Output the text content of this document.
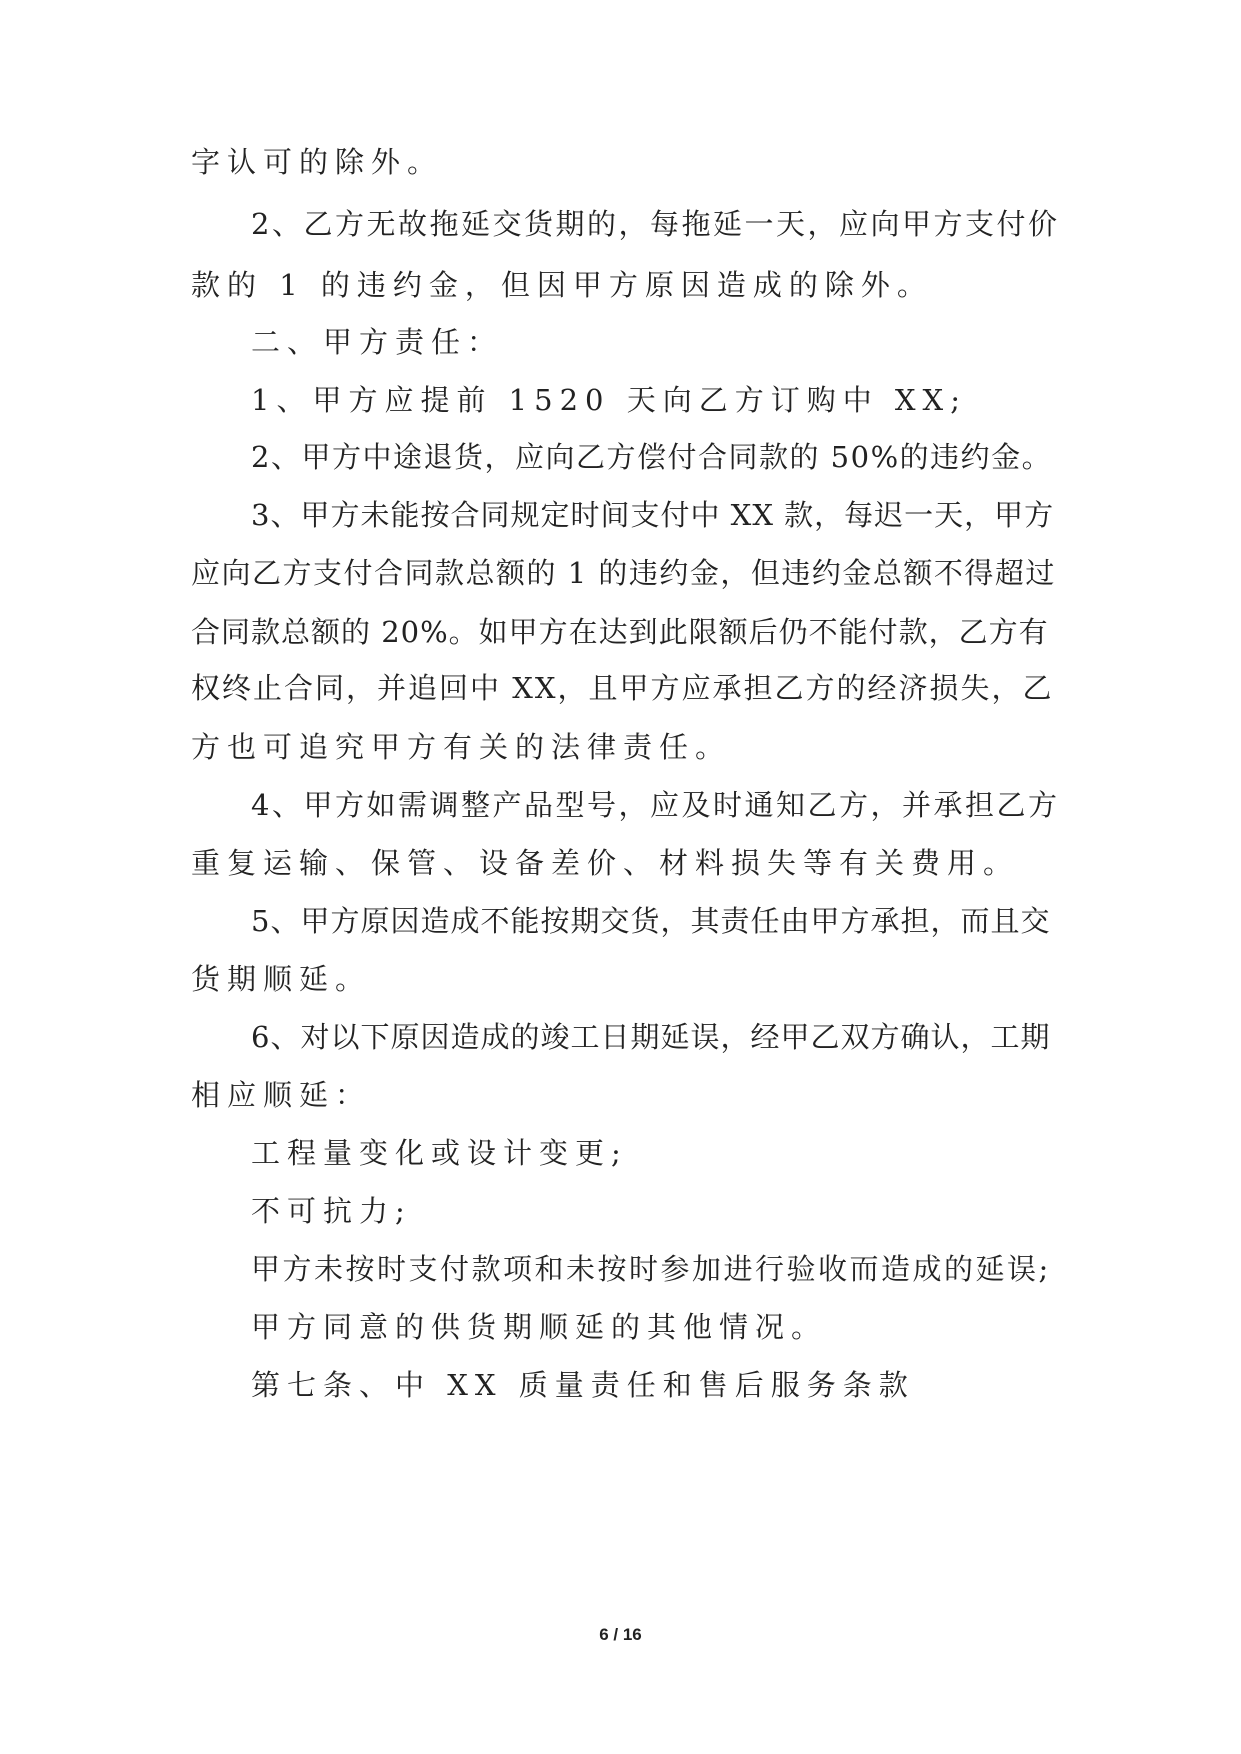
字认可的除外。

2、乙方无故拖延交货期的，每拖延一天，应向甲方支付价

款的 1 的违约金，但因甲方原因造成的除外。

二、甲方责任：

1、甲方应提前 1520 天向乙方订购中 XX;

2、甲方中途退货，应向乙方偿付合同款的 50%的违约金。

3、甲方未能按合同规定时间支付中 XX 款，每迟一天，甲方

应向乙方支付合同款总额的 1 的违约金，但违约金总额不得超过

合同款总额的 20%。如甲方在达到此限额后仍不能付款，乙方有

权终止合同，并追回中 XX，且甲方应承担乙方的经济损失，乙

方也可追究甲方有关的法律责任。

4、甲方如需调整产品型号，应及时通知乙方，并承担乙方

重复运输、保管、设备差价、材料损失等有关费用。

5、甲方原因造成不能按期交货，其责任由甲方承担，而且交

货期顺延。

6、对以下原因造成的竣工日期延误，经甲乙双方确认，工期

相应顺延：

工程量变化或设计变更;

不可抗力;

甲方未按时支付款项和未按时参加进行验收而造成的延误;

甲方同意的供货期顺延的其他情况。

第七条、中 XX 质量责任和售后服务条款

6 / 16
